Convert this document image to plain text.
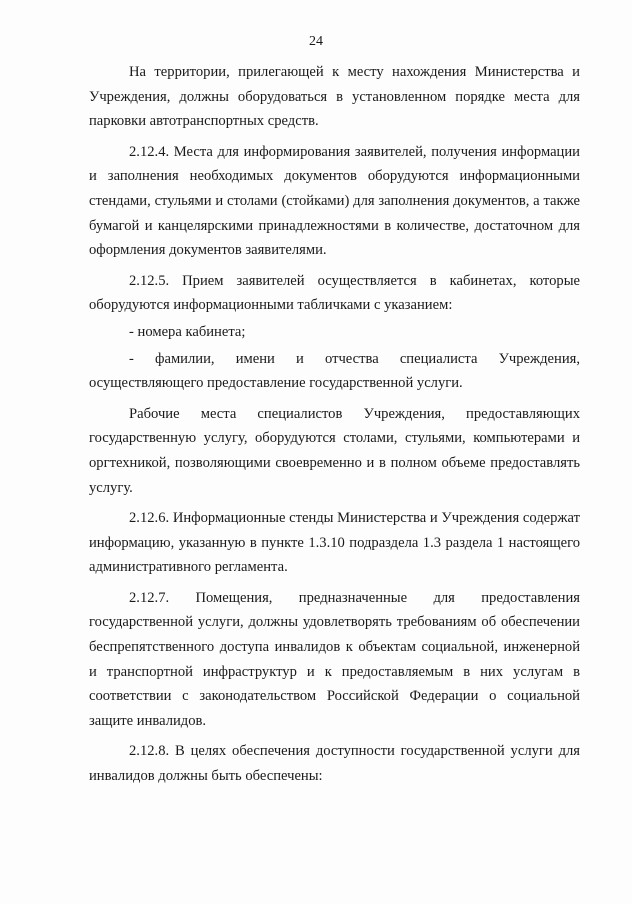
24

На территории, прилегающей к месту нахождения Министерства и Учреждения, должны оборудоваться в установленном порядке места для парковки автотранспортных средств.

2.12.4. Места для информирования заявителей, получения информации и заполнения необходимых документов оборудуются информационными стендами, стульями и столами (стойками) для заполнения документов, а также бумагой и канцелярскими принадлежностями в количестве, достаточном для оформления документов заявителями.

2.12.5. Прием заявителей осуществляется в кабинетах, которые оборудуются информационными табличками с указанием:

- номера кабинета;

- фамилии, имени и отчества специалиста Учреждения, осуществляющего предоставление государственной услуги.

Рабочие места специалистов Учреждения, предоставляющих государственную услугу, оборудуются столами, стульями, компьютерами и оргтехникой, позволяющими своевременно и в полном объеме предоставлять услугу.

2.12.6. Информационные стенды Министерства и Учреждения содержат информацию, указанную в пункте 1.3.10 подраздела 1.3 раздела 1 настоящего административного регламента.

2.12.7. Помещения, предназначенные для предоставления государственной услуги, должны удовлетворять требованиям об обеспечении беспрепятственного доступа инвалидов к объектам социальной, инженерной и транспортной инфраструктур и к предоставляемым в них услугам в соответствии с законодательством Российской Федерации о социальной защите инвалидов.

2.12.8. В целях обеспечения доступности государственной услуги для инвалидов должны быть обеспечены:
